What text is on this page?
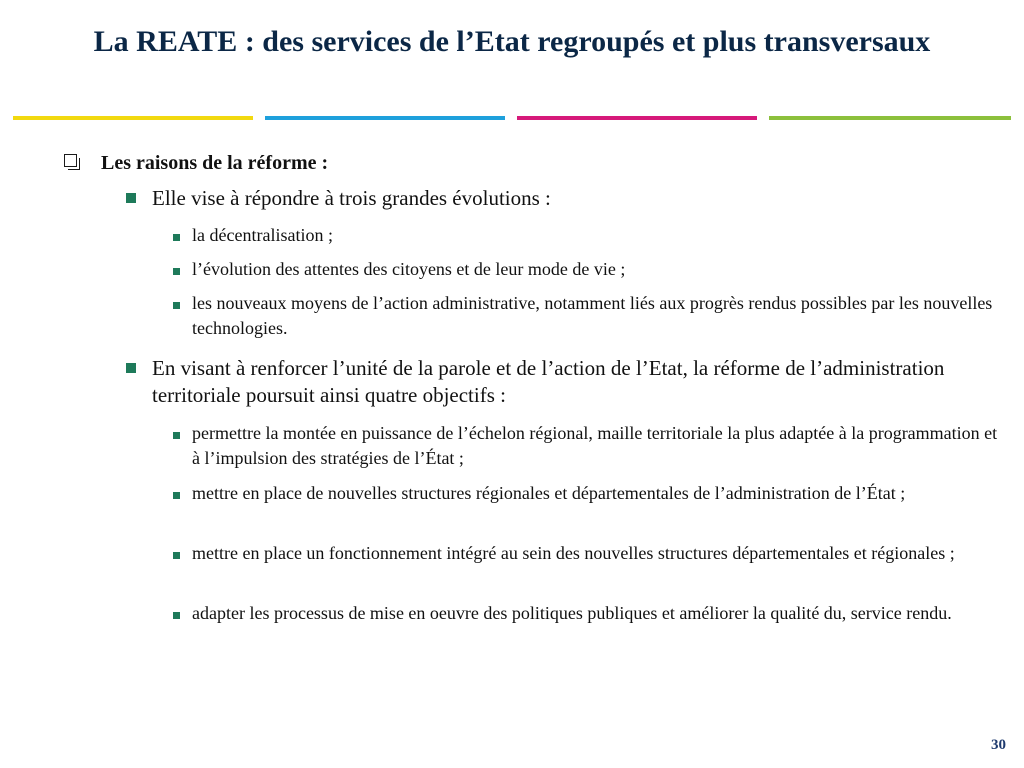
La REATE : des services de l’Etat regroupés et plus transversaux

Les raisons de la réforme :

Elle vise à répondre à trois grandes évolutions :

la décentralisation ;

l’évolution des attentes des citoyens et de leur mode de vie ;

les nouveaux moyens de l’action administrative, notamment liés aux progrès rendus possibles par les nouvelles technologies.

En visant à renforcer l’unité de la parole et de l’action de l’Etat, la réforme de l’administration territoriale poursuit ainsi quatre objectifs :

permettre la montée en puissance de l’échelon régional, maille territoriale la plus adaptée à la programmation et à l’impulsion des stratégies de l’État ;

mettre en place de nouvelles structures régionales et départementales de l’administration de l’État ;

mettre en place un fonctionnement intégré au sein des nouvelles structures départementales et régionales ;

adapter les processus de mise en oeuvre des politiques publiques et améliorer la qualité du, service rendu.

30
